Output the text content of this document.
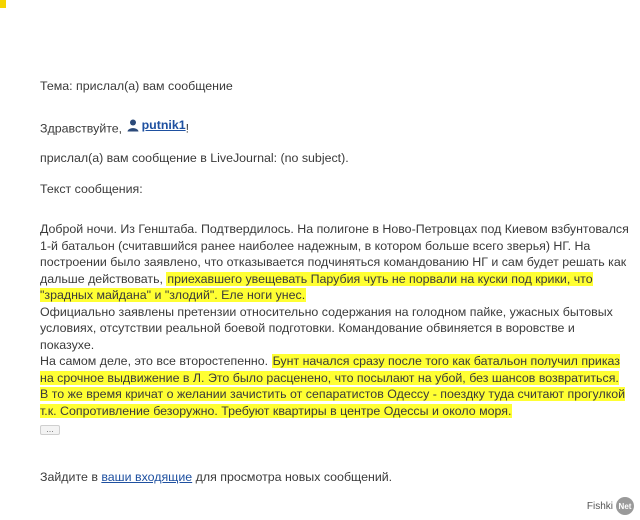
Тема: прислал(а) вам сообщение

Здравствуйте, putnik1 !

прислал(а) вам сообщение в LiveJournal: (no subject).

Текст сообщения:

Доброй ночи. Из Генштаба. Подтвердилось. На полигоне в Ново-Петровцах под Киевом взбунтовался 1-й батальон (считавшийся ранее наиболее надежным, в котором больше всего зверья) НГ. На построении было заявлено, что отказывается подчиняться командованию НГ и сам будет решать как дальше действовать, приехавшего увещевать Парубия чуть не порвали на куски под крики, что "зрадных майдана" и "злодий". Еле ноги унес.
Официально заявлены претензии относительно содержания на голодном пайке, ужасных бытовых условиях, отсутствии реальной боевой подготовки. Командование обвиняется в воровстве и показухе.
На самом деле, это все второстепенно. Бунт начался сразу после того как батальон получил приказ на срочное выдвижение в Л. Это было расценено, что посылают на убой, без шансов возвратиться. В то же время кричат о желании зачистить от сепаратистов Одессу - поездку туда считают прогулкой т.к. Сопротивление безоружно. Требуют квартиры в центре Одессы и около моря.
...

Зайдите в ваши входящие для просмотра новых сообщений.

Fishki Net
